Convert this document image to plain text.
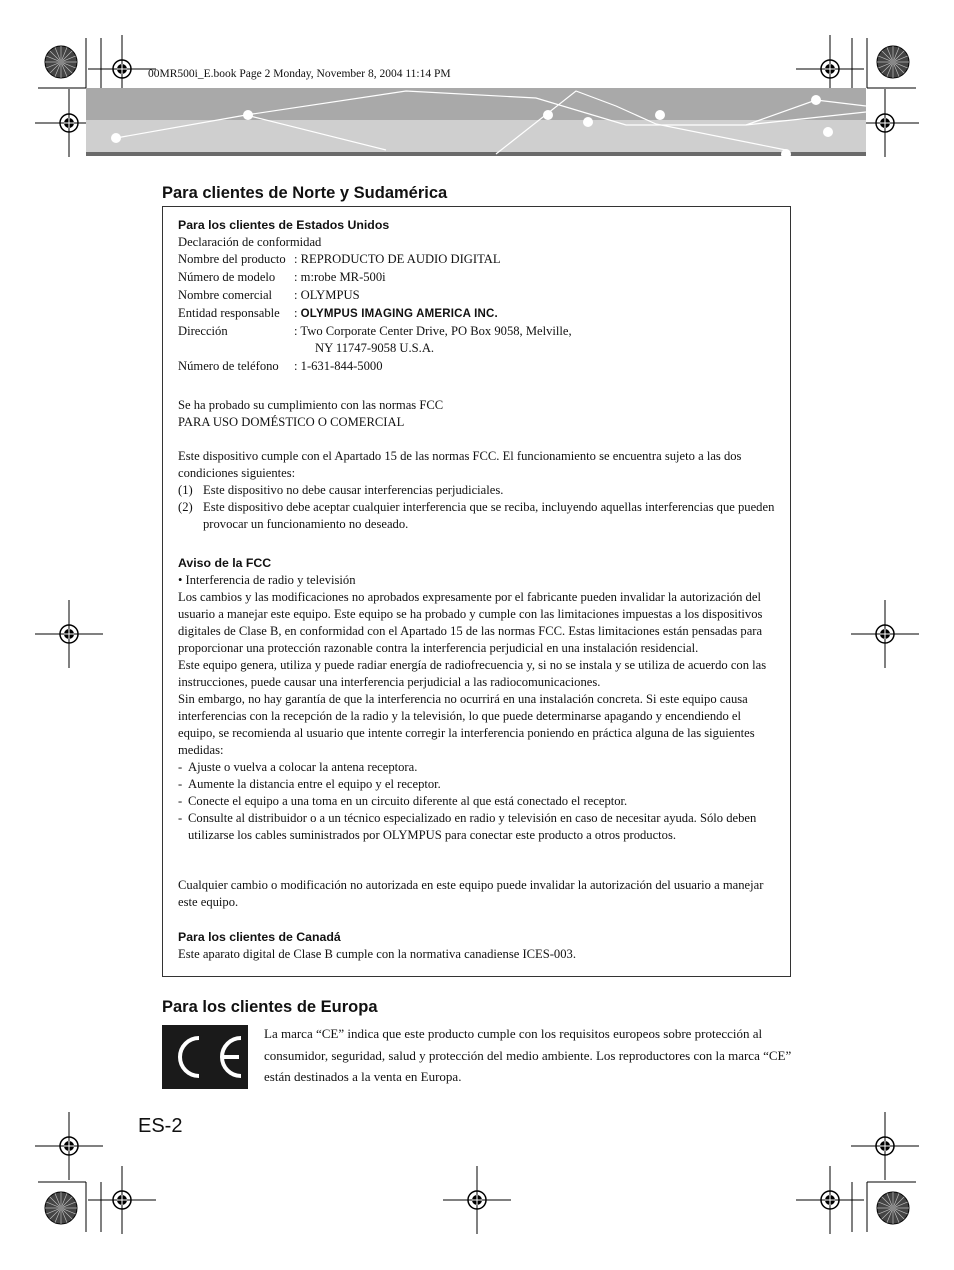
00MR500i_E.book Page 2 Monday, November 8, 2004 11:14 PM
Para clientes de Norte y Sudamérica

Para los clientes de Estados Unidos

Declaración de conformidad

Nombre del producto : REPRODUCTO DE AUDIO DIGITAL
Número de modelo	: m:robe MR-500i
Nombre comercial	: OLYMPUS
Entidad responsable	: OLYMPUS IMAGING AMERICA INC.
Dirección	: Two Corporate Center Drive, PO Box 9058, Melville,
NY 11747-9058 U.S.A.
Número de teléfono	: 1-631-844-5000

Se ha probado su cumplimiento con las normas FCC

PARA USO DOMÉSTICO O COMERCIAL

Este dispositivo cumple con el Apartado 15 de las normas FCC. El funcionamiento se encuentra sujeto a las dos condiciones siguientes:

(1) Este dispositivo no debe causar interferencias perjudiciales.
(2) Este dispositivo debe aceptar cualquier interferencia que se reciba, incluyendo aquellas interferencias que pueden provocar un funcionamiento no deseado.

Aviso de la FCC

• Interferencia de radio y televisión

Los cambios y las modificaciones no aprobados expresamente por el fabricante pueden invalidar la autorización del usuario a manejar este equipo. Este equipo se ha probado y cumple con las limitaciones impuestas a los dispositivos digitales de Clase B, en conformidad con el Apartado 15 de las normas FCC. Estas limitaciones están pensadas para proporcionar una protección razonable contra la interferencia perjudicial en una instalación residencial.

Este equipo genera, utiliza y puede radiar energía de radiofrecuencia y, si no se instala y se utiliza de acuerdo con las instrucciones, puede causar una interferencia perjudicial a las radiocomunicaciones.

Sin embargo, no hay garantía de que la interferencia no ocurrirá en una instalación concreta. Si este equipo causa interferencias con la recepción de la radio y la televisión, lo que puede determinarse apagando y encendiendo el equipo, se recomienda al usuario que intente corregir la interferencia poniendo en práctica alguna de las siguientes medidas:

- Ajuste o vuelva a colocar la antena receptora.
- Aumente la distancia entre el equipo y el receptor.
- Conecte el equipo a una toma en un circuito diferente al que está conectado el receptor.
- Consulte al distribuidor o a un técnico especializado en radio y televisión en caso de necesitar ayuda. Sólo deben utilizarse los cables suministrados por OLYMPUS para conectar este producto a otros productos.

Cualquier cambio o modificación no autorizada en este equipo puede invalidar la autorización del usuario a manejar este equipo.

Para los clientes de Canadá

Este aparato digital de Clase B cumple con la normativa canadiense ICES-003.

Para los clientes de Europa
La marca “CE” indica que este producto cumple con los requisitos europeos sobre protección al consumidor, seguridad, salud y protección del medio ambiente. Los reproductores con la marca “CE” están destinados a la venta en Europa.
ES-2
